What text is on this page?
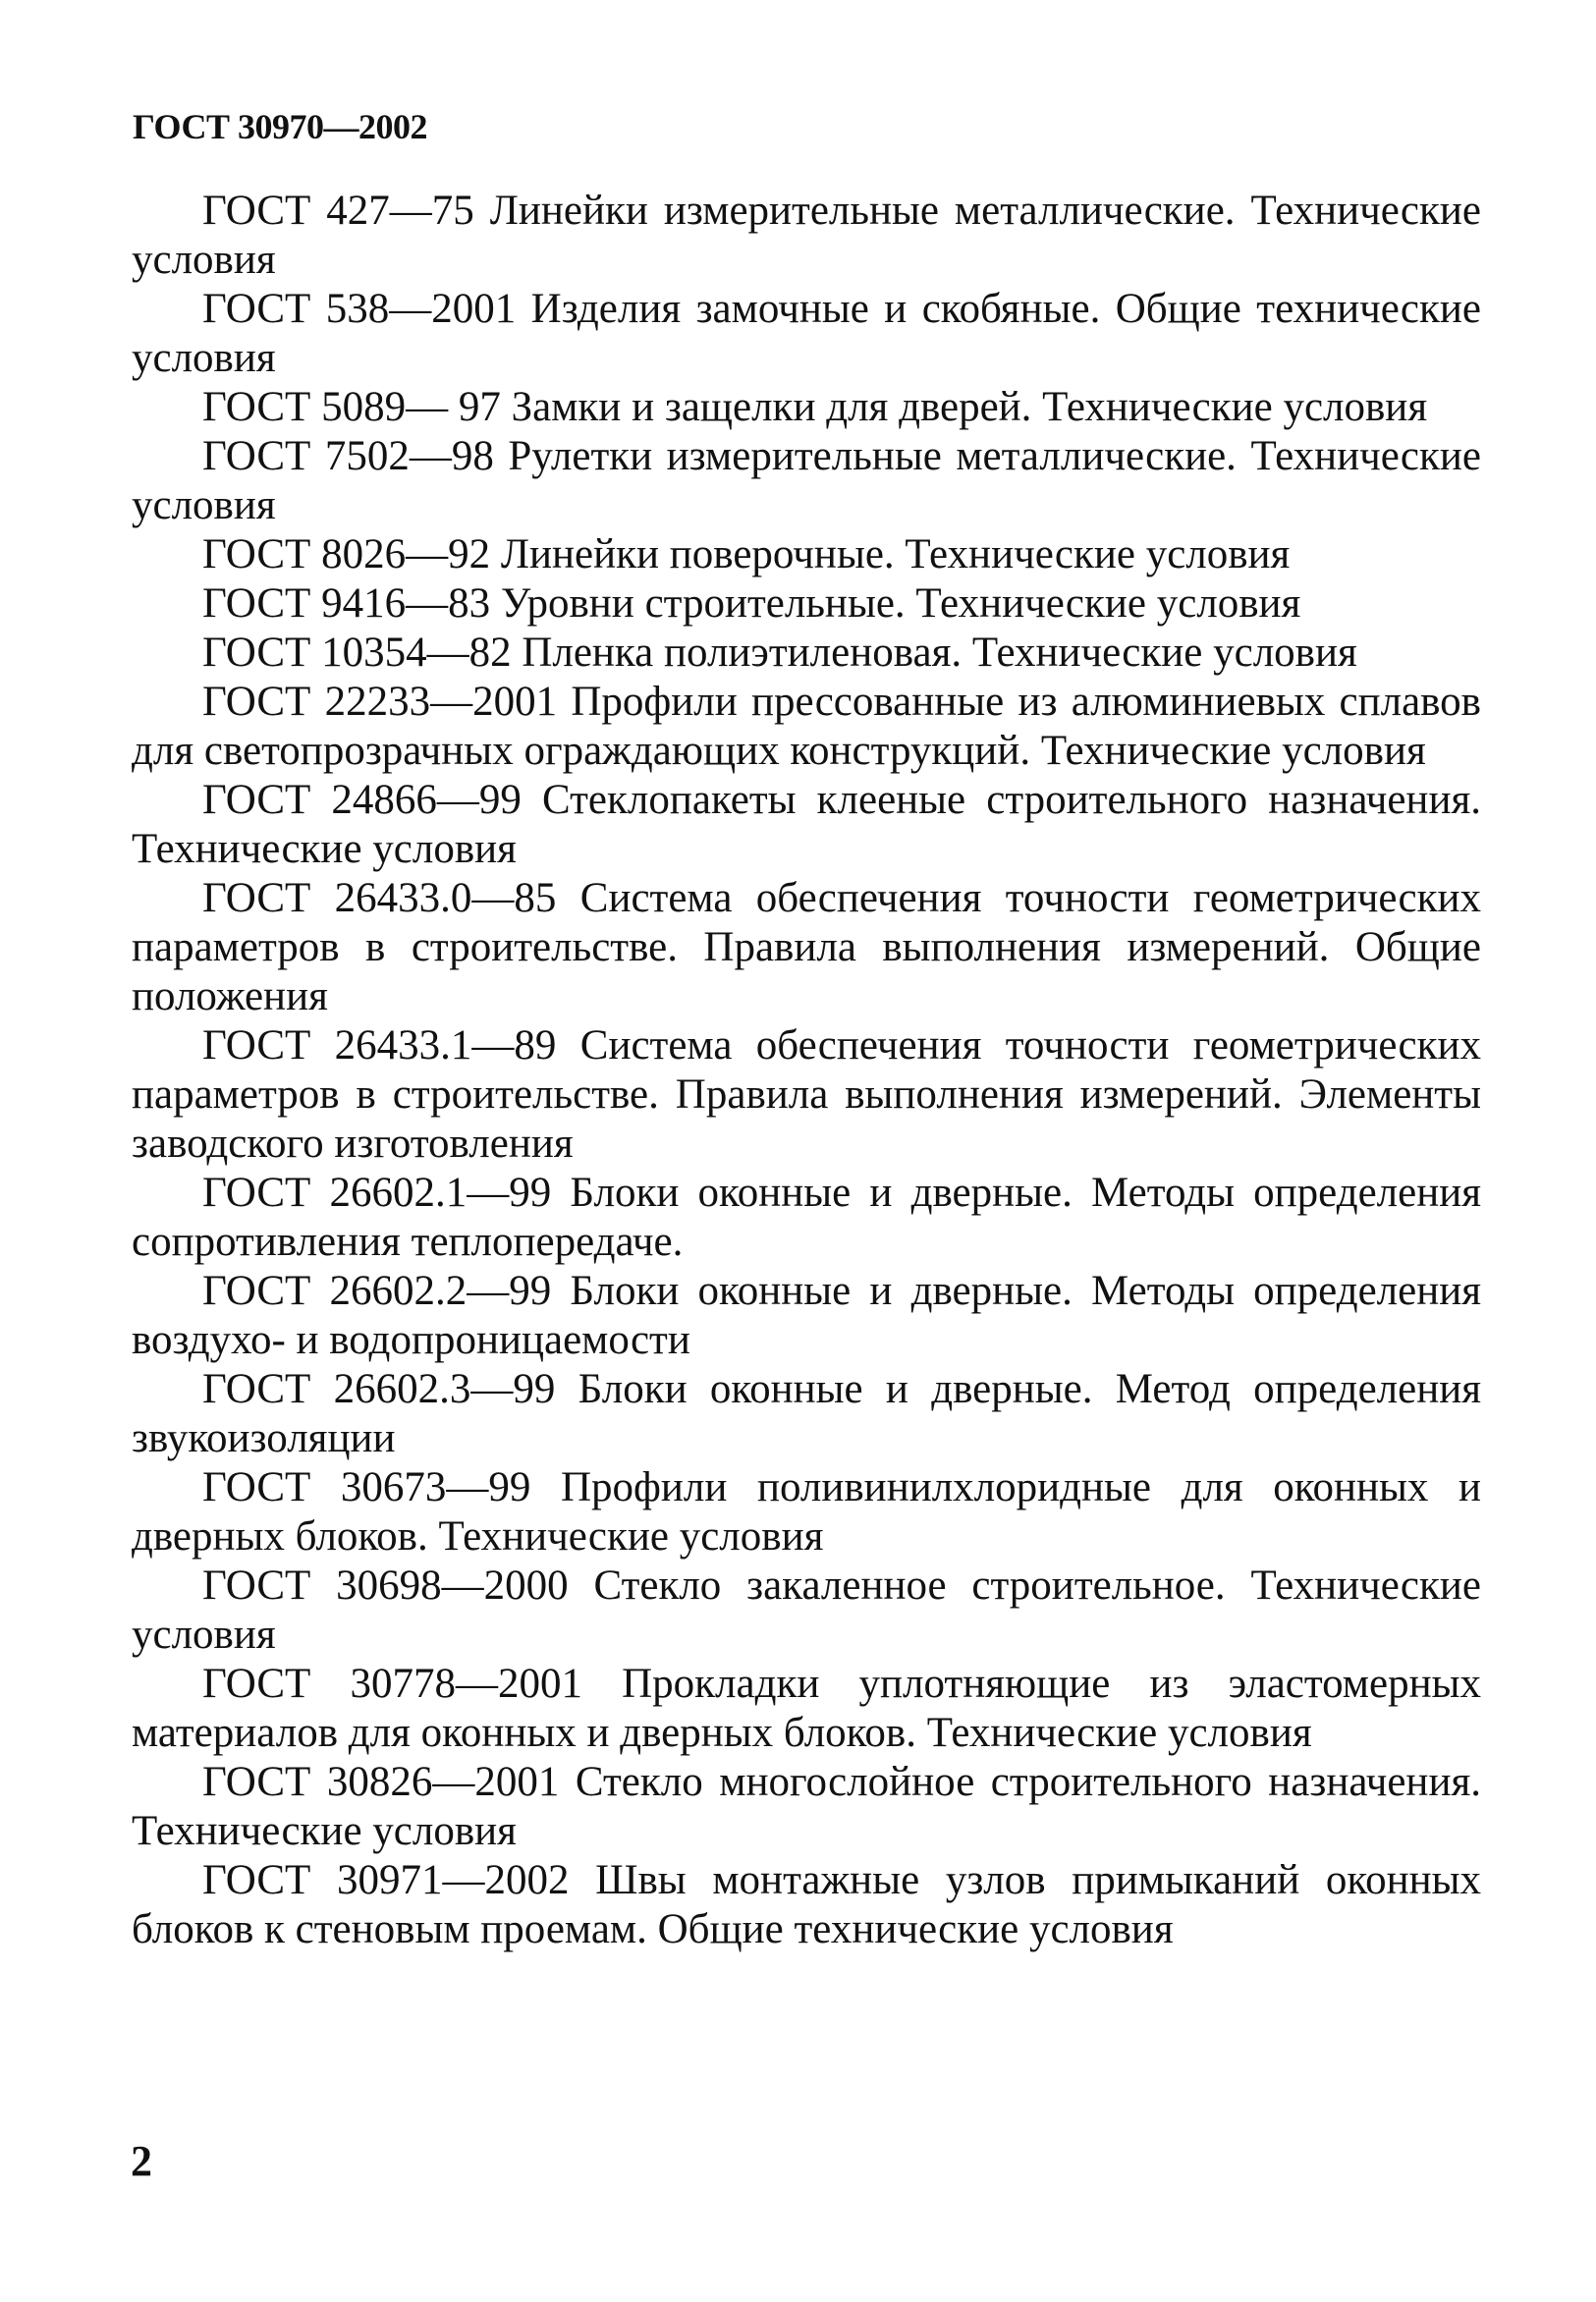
ГОСТ 30970—2002
ГОСТ 427—75 Линейки измерительные металлические. Технические условия
ГОСТ 538—2001 Изделия замочные и скобяные. Общие технические условия
ГОСТ 5089— 97 Замки и защелки для дверей. Технические условия
ГОСТ 7502—98 Рулетки измерительные металлические. Технические условия
ГОСТ 8026—92 Линейки поверочные. Технические условия
ГОСТ 9416—83 Уровни строительные. Технические условия
ГОСТ 10354—82 Пленка полиэтиленовая. Технические условия
ГОСТ 22233—2001 Профили прессованные из алюминиевых сплавов для светопрозрачных ограждающих конструкций. Технические условия
ГОСТ 24866—99 Стеклопакеты клееные строительного назначения. Технические условия
ГОСТ 26433.0—85 Система обеспечения точности геометрических параметров в строительстве. Правила выполнения измерений. Общие положения
ГОСТ 26433.1—89 Система обеспечения точности геометрических параметров в строительстве. Правила выполнения измерений. Элементы заводского изготовления
ГОСТ 26602.1—99 Блоки оконные и дверные. Методы определения сопротивления теплопередаче.
ГОСТ 26602.2—99 Блоки оконные и дверные. Методы определения воздухо- и водопроницаемости
ГОСТ 26602.3—99 Блоки оконные и дверные. Метод определения звукоизоляции
ГОСТ 30673—99 Профили поливинилхлоридные для оконных и дверных блоков. Технические условия
ГОСТ 30698—2000 Стекло закаленное строительное. Технические условия
ГОСТ 30778—2001 Прокладки уплотняющие из эластомерных материалов для оконных и дверных блоков. Технические условия
ГОСТ 30826—2001 Стекло многослойное строительного назначения. Технические условия
ГОСТ 30971—2002 Швы монтажные узлов примыканий оконных блоков к стеновым проемам. Общие технические условия
2
